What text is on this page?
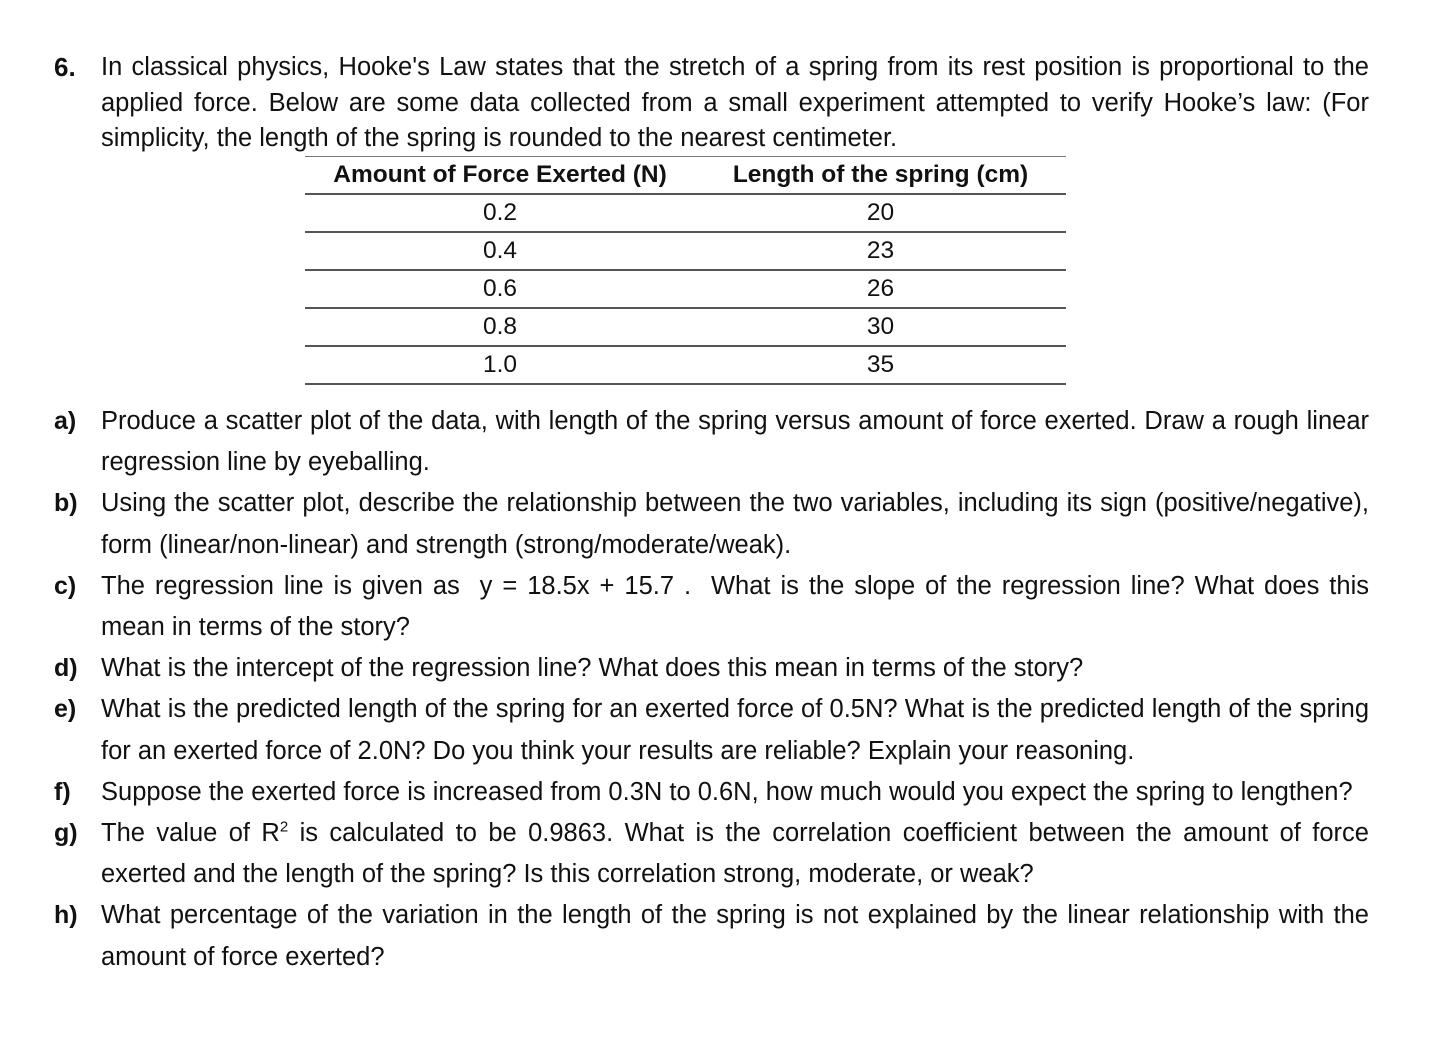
6. In classical physics, Hooke's Law states that the stretch of a spring from its rest position is proportional to the applied force. Below are some data collected from a small experiment attempted to verify Hooke’s law: (For simplicity, the length of the spring is rounded to the nearest centimeter.

Amount of Force Exerted (N)	Length of the spring (cm)
0.2	20
0.4	23
0.6	26
0.8	30
1.0	35
a) Produce a scatter plot of the data, with length of the spring versus amount of force exerted. Draw a rough linear regression line by eyeballing.
b) Using the scatter plot, describe the relationship between the two variables, including its sign (positive/negative), form (linear/non-linear) and strength (strong/moderate/weak).
c) The regression line is given as  y = 18.5x + 15.7 .  What is the slope of the regression line? What does this mean in terms of the story?
d) What is the intercept of the regression line? What does this mean in terms of the story?
e) What is the predicted length of the spring for an exerted force of 0.5N? What is the predicted length of the spring for an exerted force of 2.0N? Do you think your results are reliable? Explain your reasoning.
f) Suppose the exerted force is increased from 0.3N to 0.6N, how much would you expect the spring to lengthen?
g) The value of $R^2$ is calculated to be 0.9863. What is the correlation coefficient between the amount of force exerted and the length of the spring? Is this correlation strong, moderate, or weak?
h) What percentage of the variation in the length of the spring is not explained by the linear relationship with the amount of force exerted?
